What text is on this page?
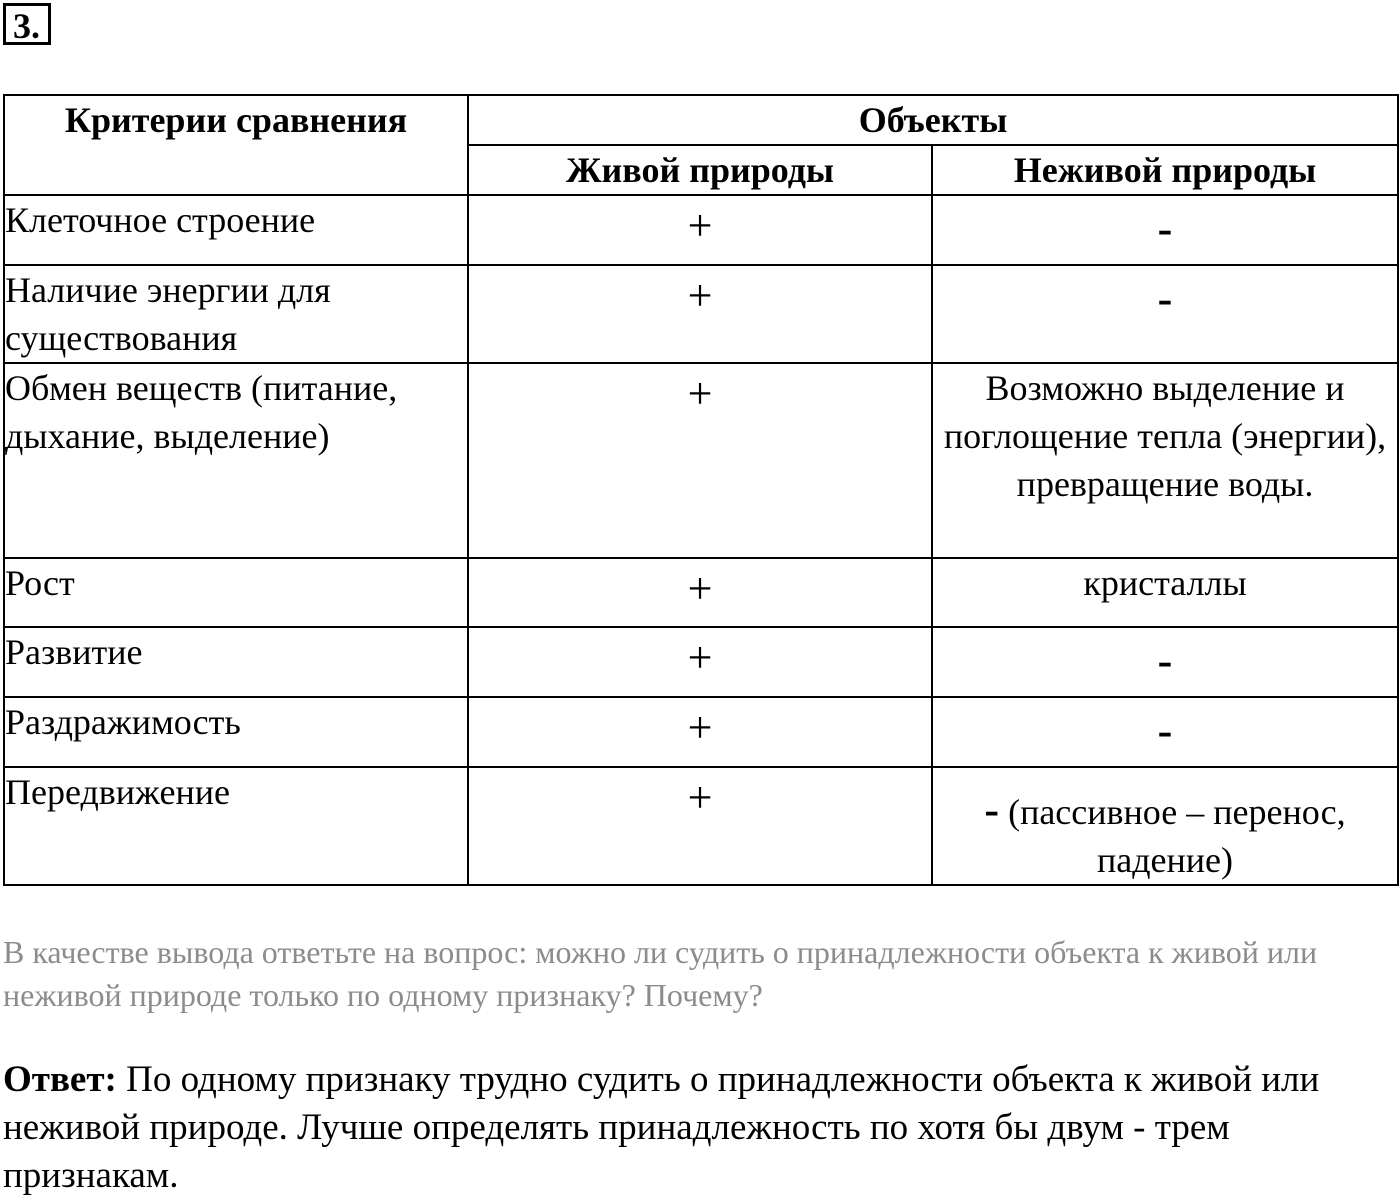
3.
Критерии сравнения	Объекты	
	Живой природы	Неживой природы
Клеточное строение	+	-
Наличие энергии для существования	+	-
Обмен веществ (питание, дыхание, выделение)	+	Возможно выделение и поглощение тепла (энергии), превращение воды.
Рост	+	кристаллы
Развитие	+	-
Раздражимость	+	-
Передвижение	+	- (пассивное – перенос, падение)
В качестве вывода ответьте на вопрос: можно ли судить о принадлежности объекта к живой или неживой природе только по одному признаку? Почему?
Ответ: По одному признаку трудно судить о принадлежности объекта к живой или неживой природе. Лучше определять принадлежность по хотя бы двум - трем признакам.
